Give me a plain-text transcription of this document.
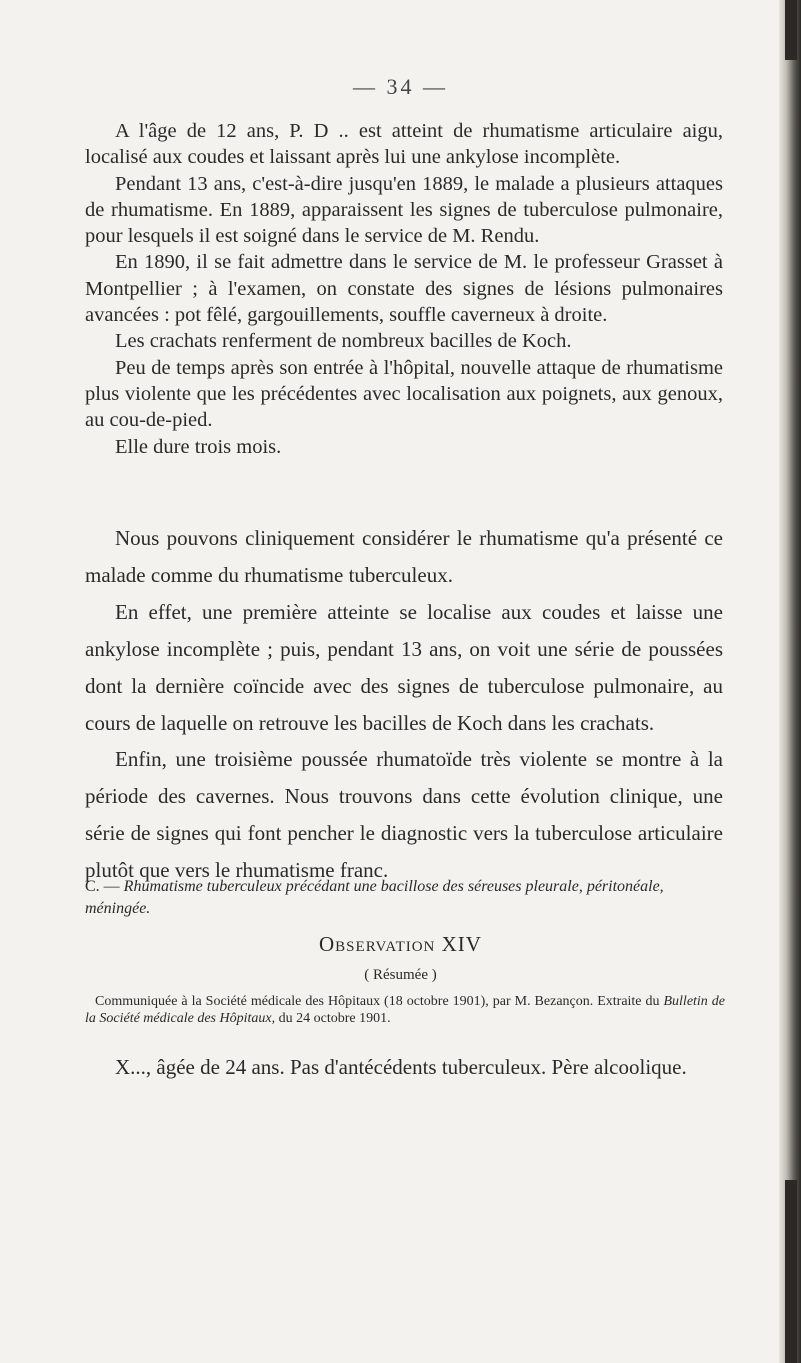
— 34 —

A l'âge de 12 ans, P. D .. est atteint de rhumatisme articulaire aigu, localisé aux coudes et laissant après lui une ankylose incomplète.

Pendant 13 ans, c'est-à-dire jusqu'en 1889, le malade a plusieurs attaques de rhumatisme. En 1889, apparaissent les signes de tuberculose pulmonaire, pour lesquels il est soigné dans le service de M. Rendu.

En 1890, il se fait admettre dans le service de M. le professeur Grasset à Montpellier ; à l'examen, on constate des signes de lésions pulmonaires avancées : pot fêlé, gargouillements, souffle caverneux à droite.

Les crachats renferment de nombreux bacilles de Koch.

Peu de temps après son entrée à l'hôpital, nouvelle attaque de rhumatisme plus violente que les précédentes avec localisation aux poignets, aux genoux, au cou-de-pied.

Elle dure trois mois.

Nous pouvons cliniquement considérer le rhumatisme qu'a présenté ce malade comme du rhumatisme tuberculeux.

En effet, une première atteinte se localise aux coudes et laisse une ankylose incomplète ; puis, pendant 13 ans, on voit une série de poussées dont la dernière coïncide avec des signes de tuberculose pulmonaire, au cours de laquelle on retrouve les bacilles de Koch dans les crachats.

Enfin, une troisième poussée rhumatoïde très violente se montre à la période des cavernes. Nous trouvons dans cette évolution clinique, une série de signes qui font pencher le diagnostic vers la tuberculose articulaire plutôt que vers le rhumatisme franc.

C. — Rhumatisme tuberculeux précédant une bacillose des séreuses pleurale, péritonéale, méningée.
Observation XIV
( Résumée )
Communiquée à la Société médicale des Hôpitaux (18 octobre 1901), par M. Bezançon. Extraite du Bulletin de la Société médicale des Hôpitaux, du 24 octobre 1901.

X..., âgée de 24 ans. Pas d'antécédents tuberculeux. Père alcoolique.
